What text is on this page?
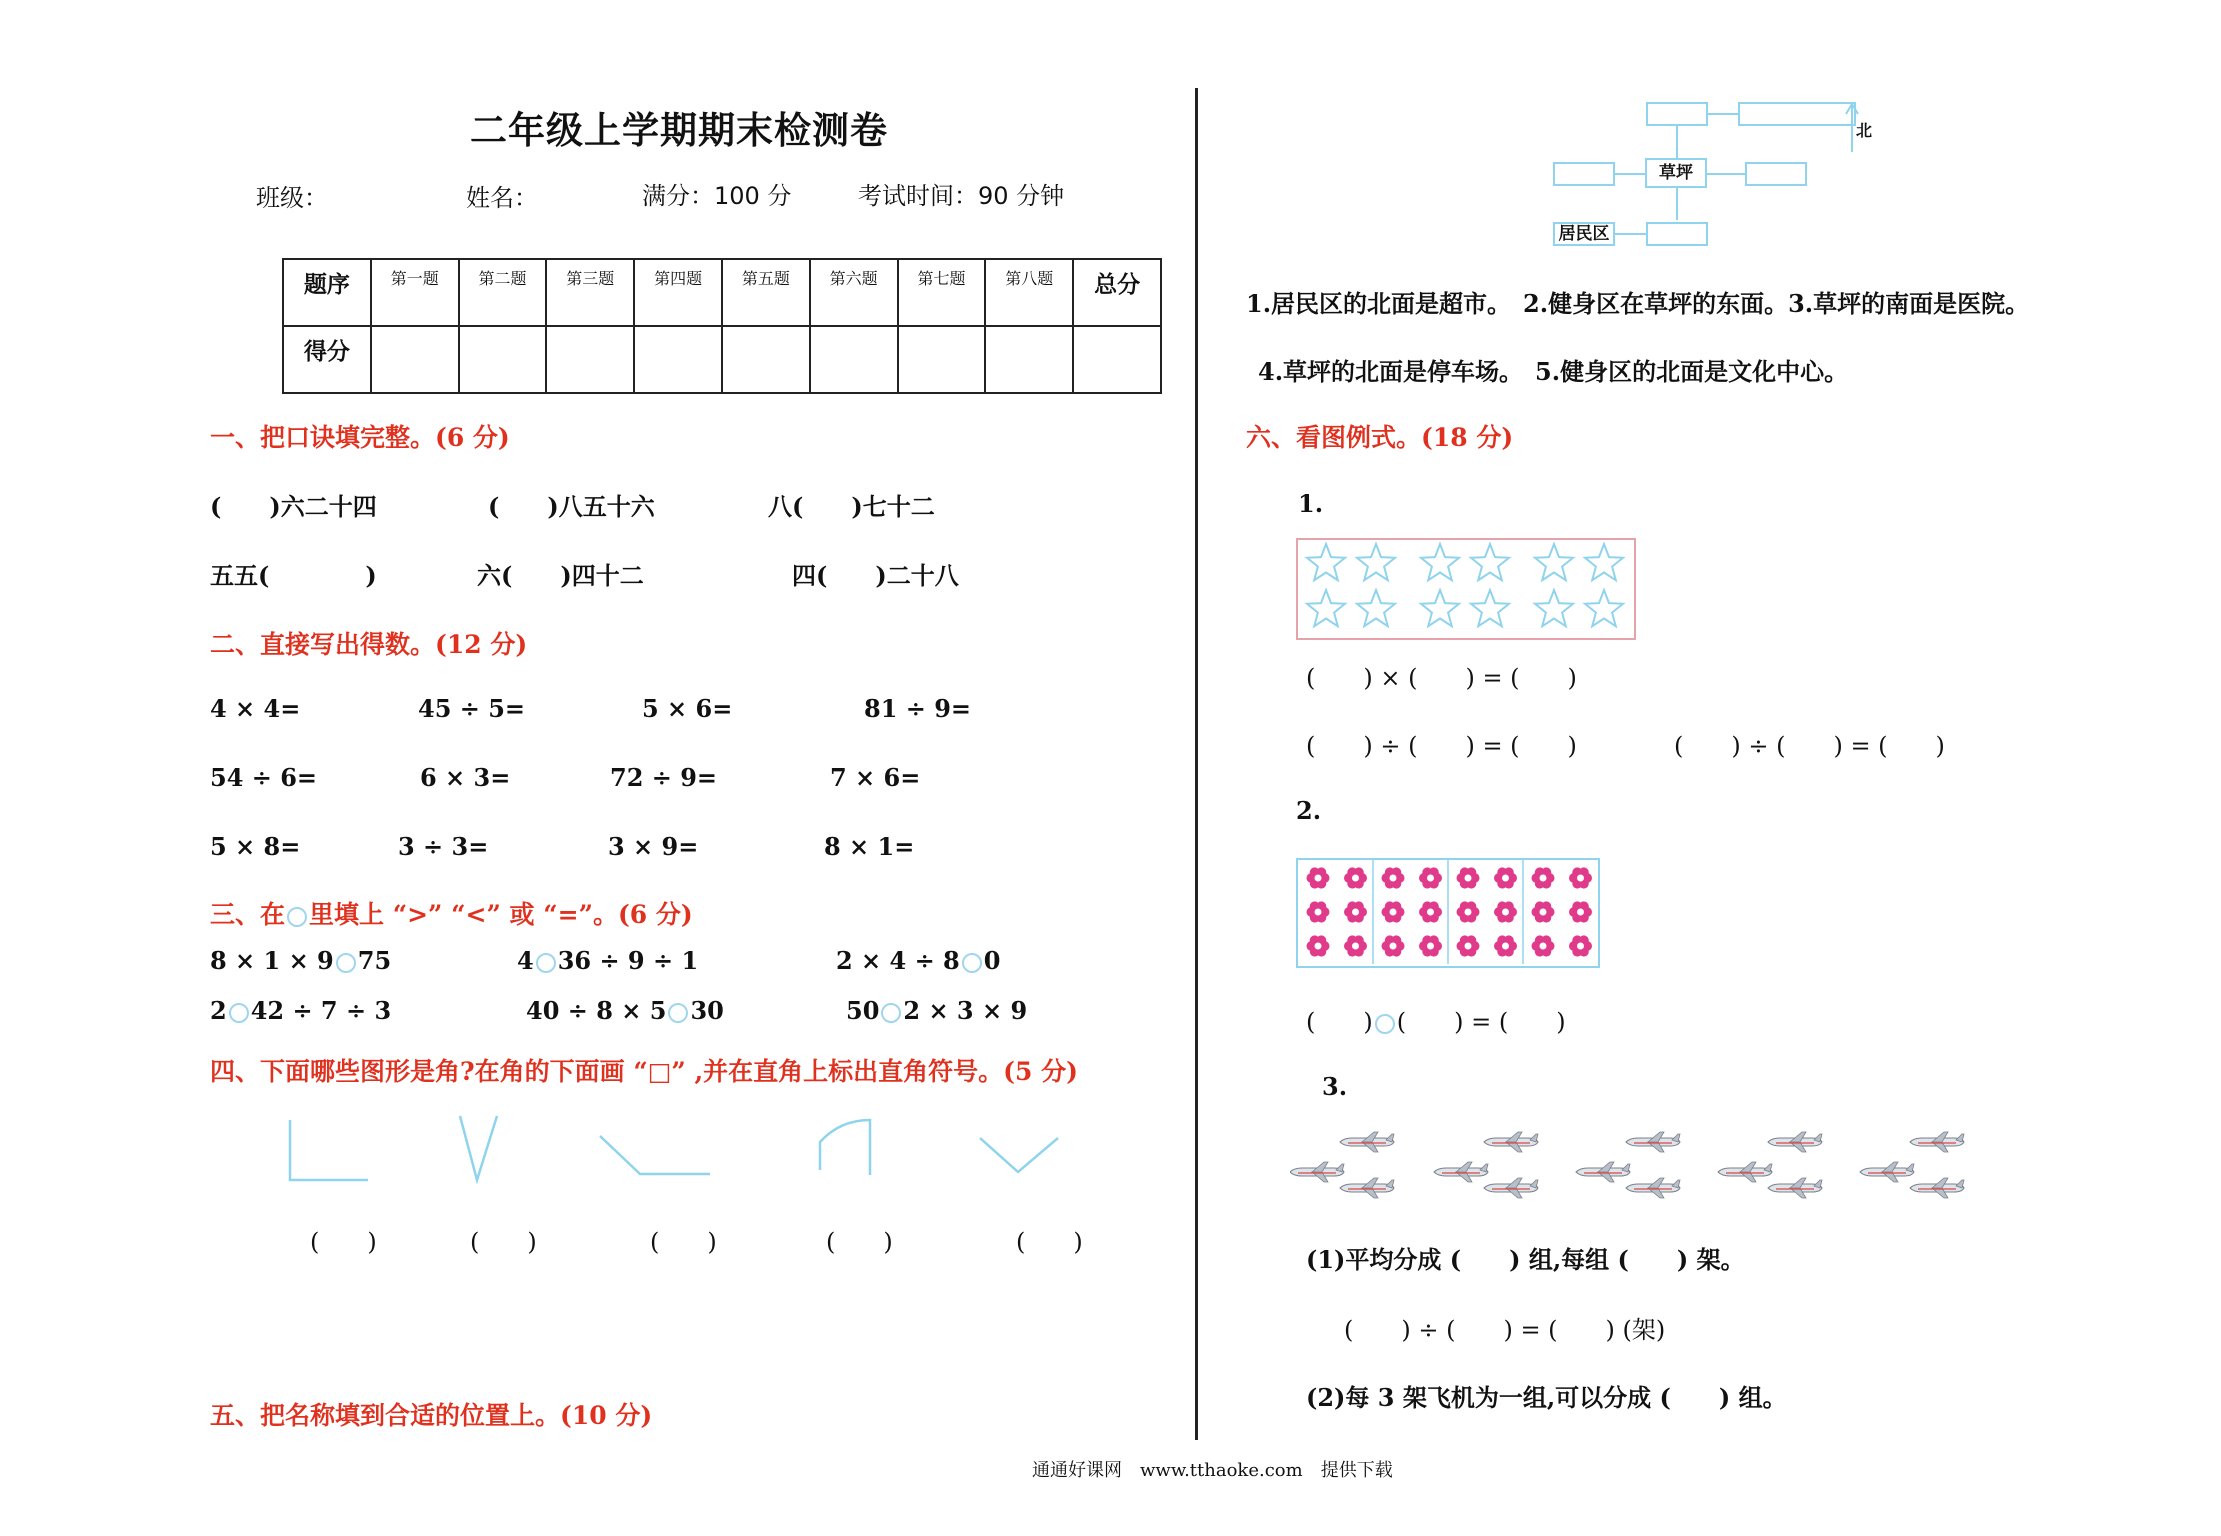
二年级上学期期末检测卷
班级：	姓名：	满分：100 分	考试时间：90 分钟
题序	第一题	第二题	第三题	第四题	第五题	第六题	第七题	第八题	总分
得分									
一、把口诀填完整。(6 分)
(　　)六二十四	(　　)八五十六	八(　　)七十二
五五(　　　　)	六(　　)四十二	四(　　)二十八
二、直接写出得数。(12 分)
4 × 4=	45 ÷ 5=	5 × 6=	81 ÷ 9=
54 ÷ 6=	6 × 3=	72 ÷ 9=	7 × 6=
5 × 8=	3 ÷ 3=	3 × 9=	8 × 1=
三、在 里填上 “>” “<” 或 “=”。(6 分)
8 × 1 × 9 75	4 36 ÷ 9 ÷ 1	2 × 4 ÷ 8 0
2 42 ÷ 7 ÷ 3	40 ÷ 8 × 5 30	50 2 × 3 × 9
四、下面哪些图形是角?在角的下面画 “□” ,并在直角上标出直角符号。(5 分)
(　　)	(　　)	(　　)	(　　)	(　　)
五、把名称填到合适的位置上。(10 分)
草坪
居民区
北
1.居民区的北面是超市。　2.健身区在草坪的东面。3.草坪的南面是医院。
4.草坪的北面是停车场。　5.健身区的北面是文化中心。
六、看图例式。(18 分)
1.
(　　) × (　　) = (　　)
(　　) ÷ (　　) = (　　)	(　　) ÷ (　　) = (　　)
2.
(　　) (　　) = (　　)
3.
(1)平均分成 (　　) 组,每组 (　　) 架。
(　　) ÷ (　　) = (　　) (架)
(2)每 3 架飞机为一组,可以分成 (　　) 组。
通通好课网　www.tthaoke.com　提供下载
